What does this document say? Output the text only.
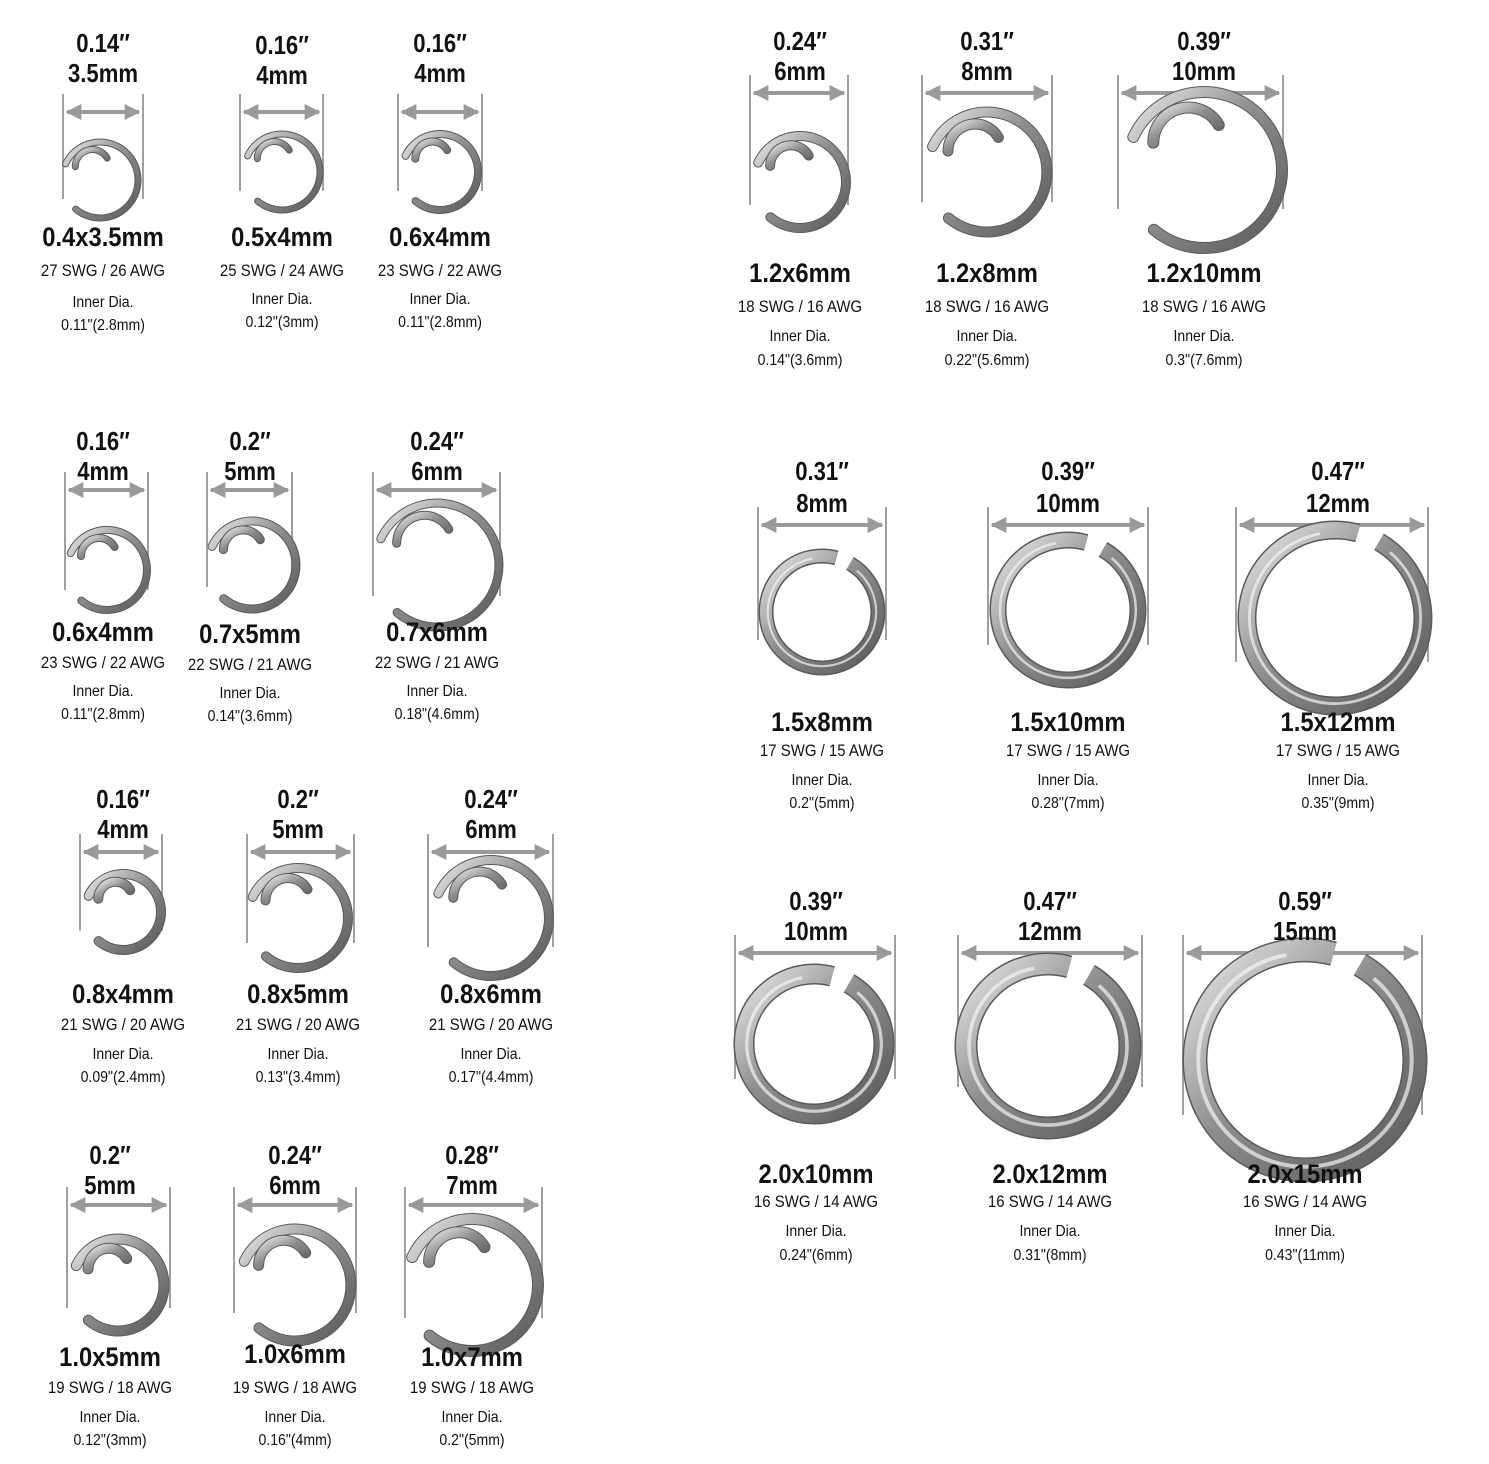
0.14″
3.5mm
0.4x3.5mm
27 SWG / 26 AWG
Inner Dia.
0.11"(2.8mm)
0.16″
4mm
0.5x4mm
25 SWG / 24 AWG
Inner Dia.
0.12"(3mm)
0.16″
4mm
0.6x4mm
23 SWG / 22 AWG
Inner Dia.
0.11"(2.8mm)
0.16″
4mm
0.6x4mm
23 SWG / 22 AWG
Inner Dia.
0.11"(2.8mm)
0.2″
5mm
0.7x5mm
22 SWG / 21 AWG
Inner Dia.
0.14"(3.6mm)
0.24″
6mm
0.7x6mm
22 SWG / 21 AWG
Inner Dia.
0.18"(4.6mm)
0.16″
4mm
0.8x4mm
21 SWG / 20 AWG
Inner Dia.
0.09"(2.4mm)
0.2″
5mm
0.8x5mm
21 SWG / 20 AWG
Inner Dia.
0.13"(3.4mm)
0.24″
6mm
0.8x6mm
21 SWG / 20 AWG
Inner Dia.
0.17"(4.4mm)
0.2″
5mm
1.0x5mm
19 SWG / 18 AWG
Inner Dia.
0.12"(3mm)
0.24″
6mm
1.0x6mm
19 SWG / 18 AWG
Inner Dia.
0.16"(4mm)
0.28″
7mm
1.0x7mm
19 SWG / 18 AWG
Inner Dia.
0.2"(5mm)
0.24″
6mm
1.2x6mm
18 SWG / 16 AWG
Inner Dia.
0.14"(3.6mm)
0.31″
8mm
1.2x8mm
18 SWG / 16 AWG
Inner Dia.
0.22"(5.6mm)
0.39″
10mm
1.2x10mm
18 SWG / 16 AWG
Inner Dia.
0.3"(7.6mm)
0.31″
8mm
1.5x8mm
17 SWG / 15 AWG
Inner Dia.
0.2"(5mm)
0.39″
10mm
1.5x10mm
17 SWG / 15 AWG
Inner Dia.
0.28"(7mm)
0.47″
12mm
1.5x12mm
17 SWG / 15 AWG
Inner Dia.
0.35"(9mm)
0.39″
10mm
2.0x10mm
16 SWG / 14 AWG
Inner Dia.
0.24"(6mm)
0.47″
12mm
2.0x12mm
16 SWG / 14 AWG
Inner Dia.
0.31"(8mm)
0.59″
15mm
2.0x15mm
16 SWG / 14 AWG
Inner Dia.
0.43"(11mm)
